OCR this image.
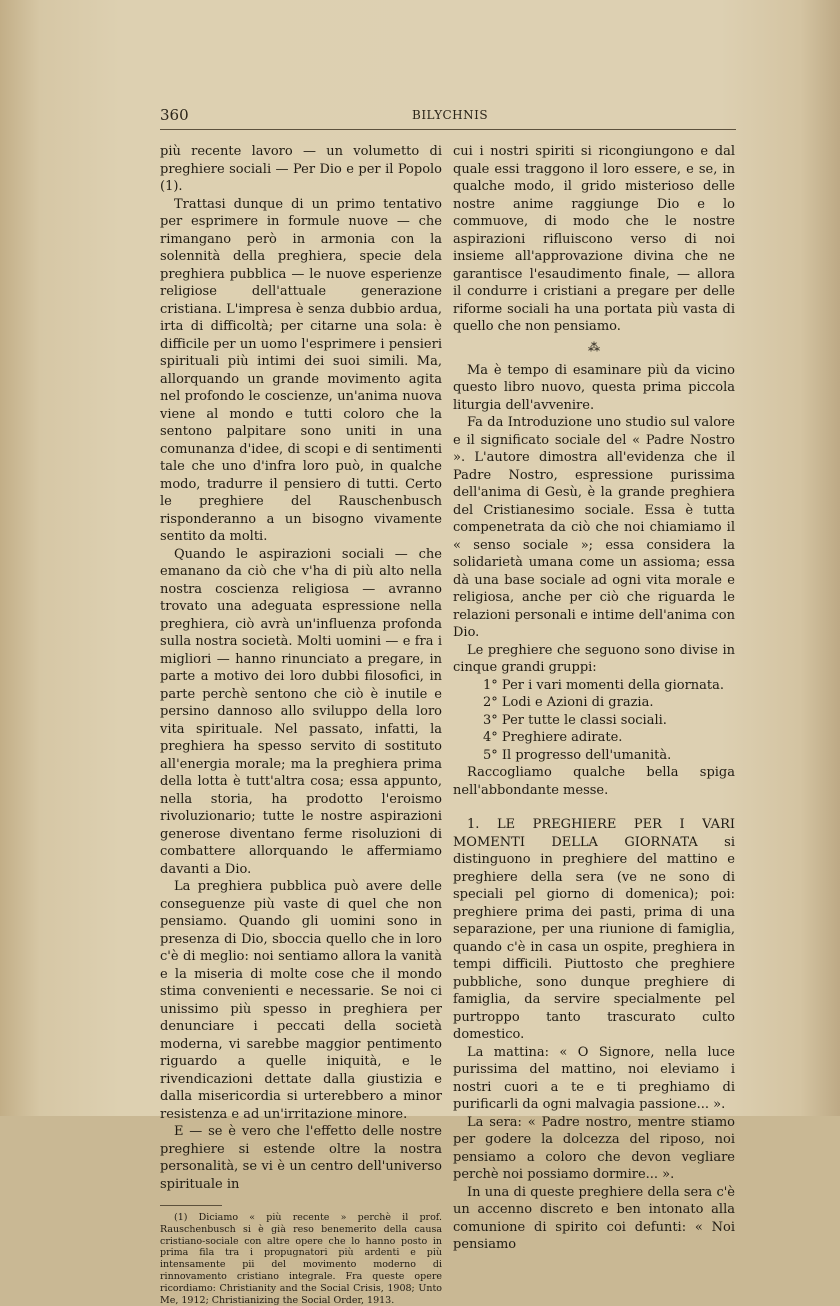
360	BILYCHNIS

più recente lavoro — un volumetto di preghiere sociali — Per Dio e per il Popolo (1).

Trattasi dunque di un primo tentativo per esprimere in formule nuove — che rimangano però in armonia con la solennità della preghiera, specie dela preghiera pubblica — le nuove esperienze religiose dell'attuale generazione cristiana. L'impresa è senza dubbio ardua, irta di difficoltà; per citarne una sola: è difficile per un uomo l'esprimere i pensieri spirituali più intimi dei suoi simili. Ma, allorquando un grande movimento agita nel profondo le coscienze, un'anima nuova viene al mondo e tutti coloro che la sentono palpitare sono uniti in una comunanza d'idee, di scopi e di sentimenti tale che uno d'infra loro può, in qualche modo, tradurre il pensiero di tutti. Certo le preghiere del Rauschenbusch risponderanno a un bisogno vivamente sentito da molti.

Quando le aspirazioni sociali — che emanano da ciò che v'ha di più alto nella nostra coscienza religiosa — avranno trovato una adeguata espressione nella preghiera, ciò avrà un'influenza profonda sulla nostra società. Molti uomini — e fra i migliori — hanno rinunciato a pregare, in parte a motivo dei loro dubbi filosofici, in parte perchè sentono che ciò è inutile e persino dannoso allo sviluppo della loro vita spirituale. Nel passato, infatti, la preghiera ha spesso servito di sostituto all'energia morale; ma la preghiera prima della lotta è tutt'altra cosa; essa appunto, nella storia, ha prodotto l'eroismo rivoluzionario; tutte le nostre aspirazioni generose diventano ferme risoluzioni di combattere allorquando le affermiamo davanti a Dio.

La preghiera pubblica può avere delle conseguenze più vaste di quel che non pensiamo. Quando gli uomini sono in presenza di Dio, sboccia quello che in loro c'è di meglio: noi sentiamo allora la vanità e la miseria di molte cose che il mondo stima convenienti e necessarie. Se noi ci unissimo più spesso in preghiera per denunciare i peccati della società moderna, vi sarebbe maggior pentimento riguardo a quelle iniquità, e le rivendicazioni dettate dalla giustizia e dalla misericordia si urterebbero a minor resistenza e ad un'irritazione minore.

E — se è vero che l'effetto delle nostre preghiere si estende oltre la nostra personalità, se vi è un centro dell'universo spirituale in

(1) Diciamo « più recente » perchè il prof. Rauschenbusch si è già reso benemerito della causa cristiano-sociale con altre opere che lo hanno posto in prima fila tra i propugnatori più ardenti e più intensamente pii del movimento moderno di rinnovamento cristiano integrale. Fra queste opere ricordiamo: Christianity and the Social Crisis, 1908; Unto Me, 1912; Christianizing the Social Order, 1913.

cui i nostri spiriti si ricongiungono e dal quale essi traggono il loro essere, e se, in qualche modo, il grido misterioso delle nostre anime raggiunge Dio e lo commuove, di modo che le nostre aspirazioni rifluiscono verso di noi insieme all'approvazione divina che ne garantisce l'esaudimento finale, — allora il condurre i cristiani a pregare per delle riforme sociali ha una portata più vasta di quello che non pensiamo.

⁂

Ma è tempo di esaminare più da vicino questo libro nuovo, questa prima piccola liturgia dell'avvenire.

Fa da Introduzione uno studio sul valore e il significato sociale del « Padre Nostro ». L'autore dimostra all'evidenza che il Padre Nostro, espressione purissima dell'anima di Gesù, è la grande preghiera del Cristianesimo sociale. Essa è tutta compenetrata da ciò che noi chiamiamo il « senso sociale »; essa considera la solidarietà umana come un assioma; essa dà una base sociale ad ogni vita morale e religiosa, anche per ciò che riguarda le relazioni personali e intime dell'anima con Dio.

Le preghiere che seguono sono divise in cinque grandi gruppi:

1° Per i vari momenti della giornata.

2° Lodi e Azioni di grazia.

3° Per tutte le classi sociali.

4° Preghiere adirate.

5° Il progresso dell'umanità.

Raccogliamo qualche bella spiga nell'abbondante messe.

1. LE PREGHIERE PER I VARI MOMENTI DELLA GIORNATA si distinguono in preghiere del mattino e preghiere della sera (ve ne sono di speciali pel giorno di domenica); poi: preghiere prima dei pasti, prima di una separazione, per una riunione di famiglia, quando c'è in casa un ospite, preghiera in tempi difficili. Piuttosto che preghiere pubbliche, sono dunque preghiere di famiglia, da servire specialmente pel purtroppo tanto trascurato culto domestico.

La mattina: « O Signore, nella luce purissima del mattino, noi eleviamo i nostri cuori a te e ti preghiamo di purificarli da ogni malvagia passione... ».

La sera: « Padre nostro, mentre stiamo per godere la dolcezza del riposo, noi pensiamo a coloro che devon vegliare perchè noi possiamo dormire... ».

In una di queste preghiere della sera c'è un accenno discreto e ben intonato alla comunione di spirito coi defunti: « Noi pensiamo
